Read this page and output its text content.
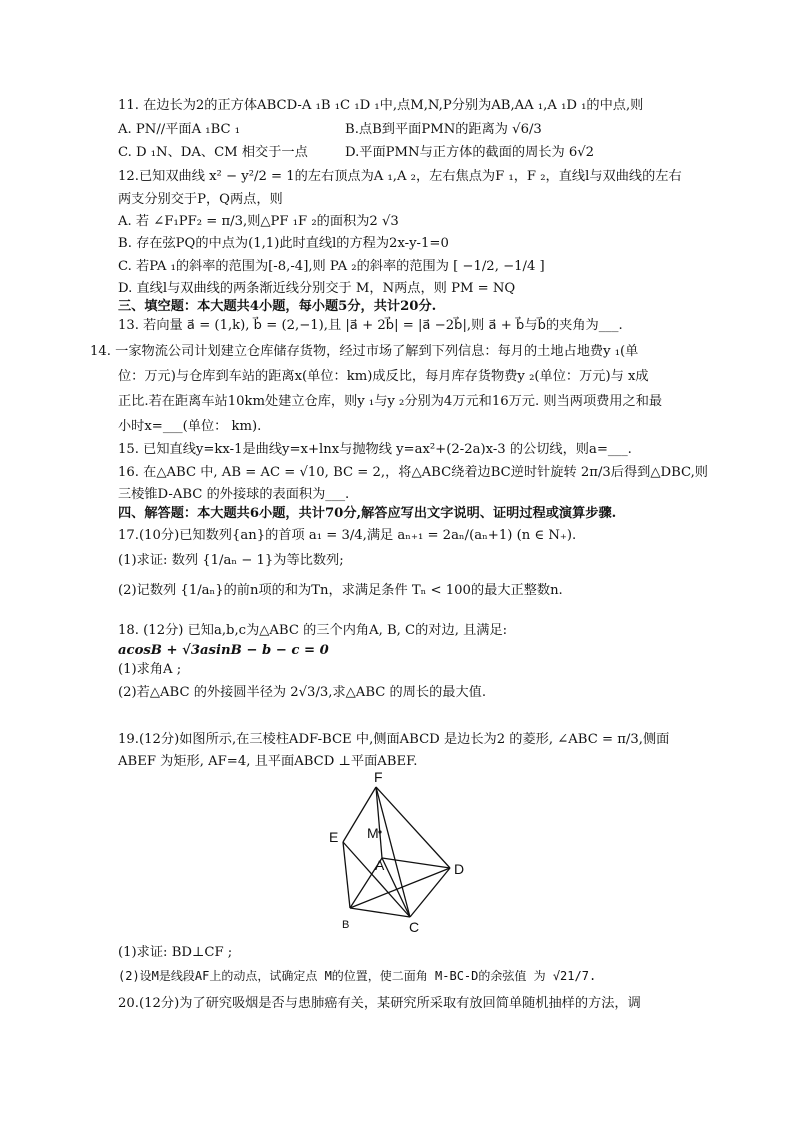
11. 在边长为2的正方体ABCD-A ₁B ₁C ₁D ₁中,点M,N,P分别为AB,AA ₁,A ₁D ₁的中点,则
A. PN//平面A ₁BC ₁	B.点B到平面PMN的距离为 √6/3
C. D ₁N、DA、CM 相交于一点	D.平面PMN与正方体的截面的周长为 6√2
12.已知双曲线 x² − y²/2 = 1的左右顶点为A ₁,A ₂，左右焦点为F ₁，F ₂，直线l与双曲线的左右
两支分别交于P，Q两点，则
A. 若 ∠F₁PF₂ = π/3,则△PF ₁F ₂的面积为2 √3
B. 存在弦PQ的中点为(1,1)此时直线l的方程为2x-y-1=0
C. 若PA ₁的斜率的范围为[-8,-4],则 PA ₂的斜率的范围为 [ −1/2, −1/4 ]
D. 直线l与双曲线的两条渐近线分别交于 M，N两点，则 PM = NQ
三、填空题：本大题共4小题，每小题5分，共计20分.
13. 若向量 a⃗ = (1,k), b⃗ = (2,−1),且 |a⃗ + 2b⃗| = |a⃗ −2b⃗|,则 a⃗ + b⃗与b⃗的夹角为___.
14. 一家物流公司计划建立仓库储存货物，经过市场了解到下列信息：每月的土地占地费y ₁(单
位：万元)与仓库到车站的距离x(单位：km)成反比，每月库存货物费y ₂(单位：万元)与 x成
正比.若在距离车站10km处建立仓库，则y ₁与y ₂分别为4万元和16万元. 则当两项费用之和最
小时x=___(单位： km).
15. 已知直线y=kx-1是曲线y=x+lnx与抛物线 y=ax²+(2-2a)x-3 的公切线，则a=___.
16. 在△ABC 中, AB = AC = √10, BC = 2,，将△ABC绕着边BC逆时针旋转 2π/3后得到△DBC,则
三棱锥D-ABC 的外接球的表面积为___.
四、解答题：本大题共6小题，共计70分,解答应写出文字说明、证明过程或演算步骤.
17.(10分)已知数列{an}的首项 a₁ = 3/4,满足 aₙ₊₁ = 2aₙ/(aₙ+1) (n ∈ N₊).
(1)求证: 数列 {1/aₙ − 1}为等比数列;
(2)记数列 {1/aₙ}的前n项的和为Tn，求满足条件 Tₙ < 100的最大正整数n.
18. (12分) 已知a,b,c为△ABC 的三个内角A, B, C的对边, 且满足:
acosB + √3asinB − b − c = 0
(1)求角A ;
(2)若△ABC 的外接圆半径为 2√3/3,求△ABC 的周长的最大值.
19.(12分)如图所示,在三棱柱ADF-BCE 中,侧面ABCD 是边长为2 的菱形, ∠ABC = π/3,侧面
ABEF 为矩形, AF=4, 且平面ABCD ⊥平面ABEF.
F
E M
A	D
B	C
(1)求证: BD⊥CF ;
(2)设M是线段AF上的动点，试确定点 M的位置，使二面角 M-BC-D的余弦值 为 √21/7.
20.(12分)为了研究吸烟是否与患肺癌有关，某研究所采取有放回简单随机抽样的方法，调
